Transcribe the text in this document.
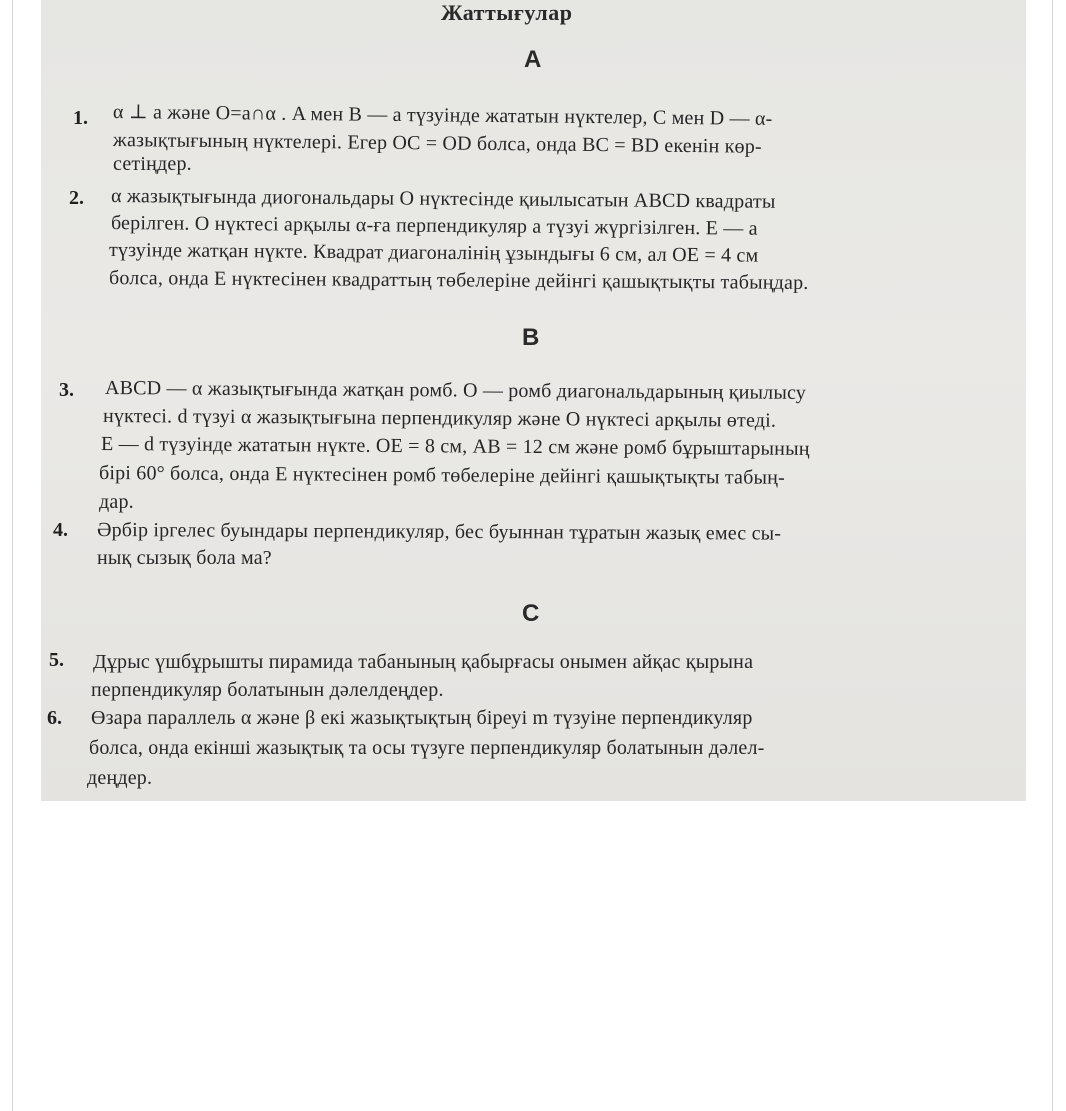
Жаттығулар
A
1. α ⊥ a және O=a∩α . A мен B — a түзуінде жататын нүктелер, C мен D — α-
жазықтығының нүктелері. Егер OC = OD болса, онда BC = BD екенін көр-
сетіңдер.
2. α жазықтығында диогональдары O нүктесінде қиылысатын ABCD квадраты
берілген. O нүктесі арқылы α-ға перпендикуляр a түзуі жүргізілген. E — a
түзуінде жатқан нүкте. Квадрат диагоналінің ұзындығы 6 см, ал OE = 4 см
болса, онда E нүктесінен квадраттың төбелеріне дейінгі қашықтықты табыңдар.
B
3. ABCD — α жазықтығында жатқан ромб. O — ромб диагональдарының қиылысу
нүктесі. d түзуі α жазықтығына перпендикуляр және O нүктесі арқылы өтеді.
E — d түзуінде жататын нүкте. OE = 8 см, AB = 12 см және ромб бұрыштарының
бірі 60° болса, онда E нүктесінен ромб төбелеріне дейінгі қашықтықты табың-
дар.
4. Әрбір іргелес буындары перпендикуляр, бес буыннан тұратын жазық емес сы-
нық сызық бола ма?
C
5. Дұрыс үшбұрышты пирамида табанының қабырғасы онымен айқас қырына
перпендикуляр болатынын дәлелдеңдер.
6. Өзара параллель α және β екі жазықтықтың біреуі m түзуіне перпендикуляр
болса, онда екінші жазықтық та осы түзуге перпендикуляр болатынын дәлел-
деңдер.
